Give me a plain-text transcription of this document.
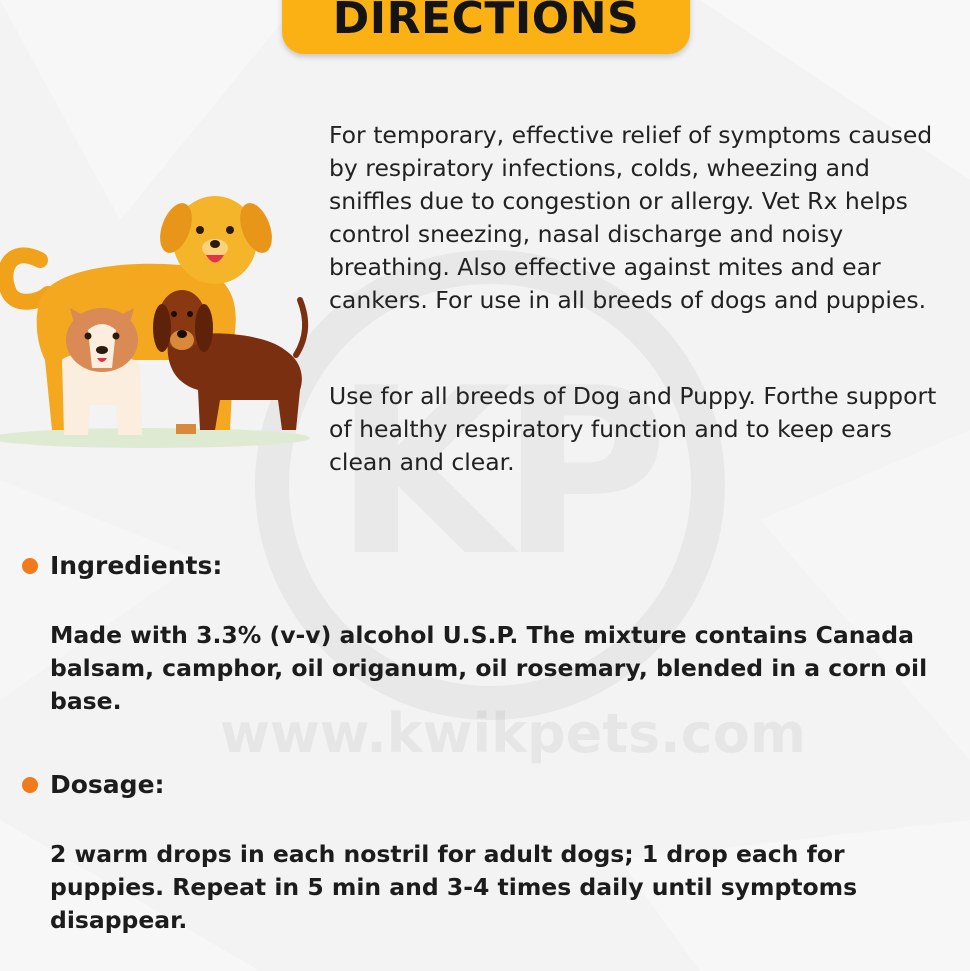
www.kwikpets.com
DIRECTIONS
For temporary, effective relief of symptoms caused by respiratory infections, colds, wheezing and sniffles due to congestion or allergy. Vet Rx helps control sneezing, nasal discharge and noisy breathing. Also effective against mites and ear cankers. For use in all breeds of dogs and puppies.
Use for all breeds of Dog and Puppy. Forthe support of healthy respiratory function and to keep ears clean and clear.
Ingredients:
Made with 3.3% (v-v) alcohol U.S.P. The mixture contains Canada balsam, camphor, oil origanum, oil rosemary, blended in a corn oil base.
Dosage:
2 warm drops in each nostril for adult dogs; 1 drop each for puppies. Repeat in 5 min and 3-4 times daily until symptoms disappear.
